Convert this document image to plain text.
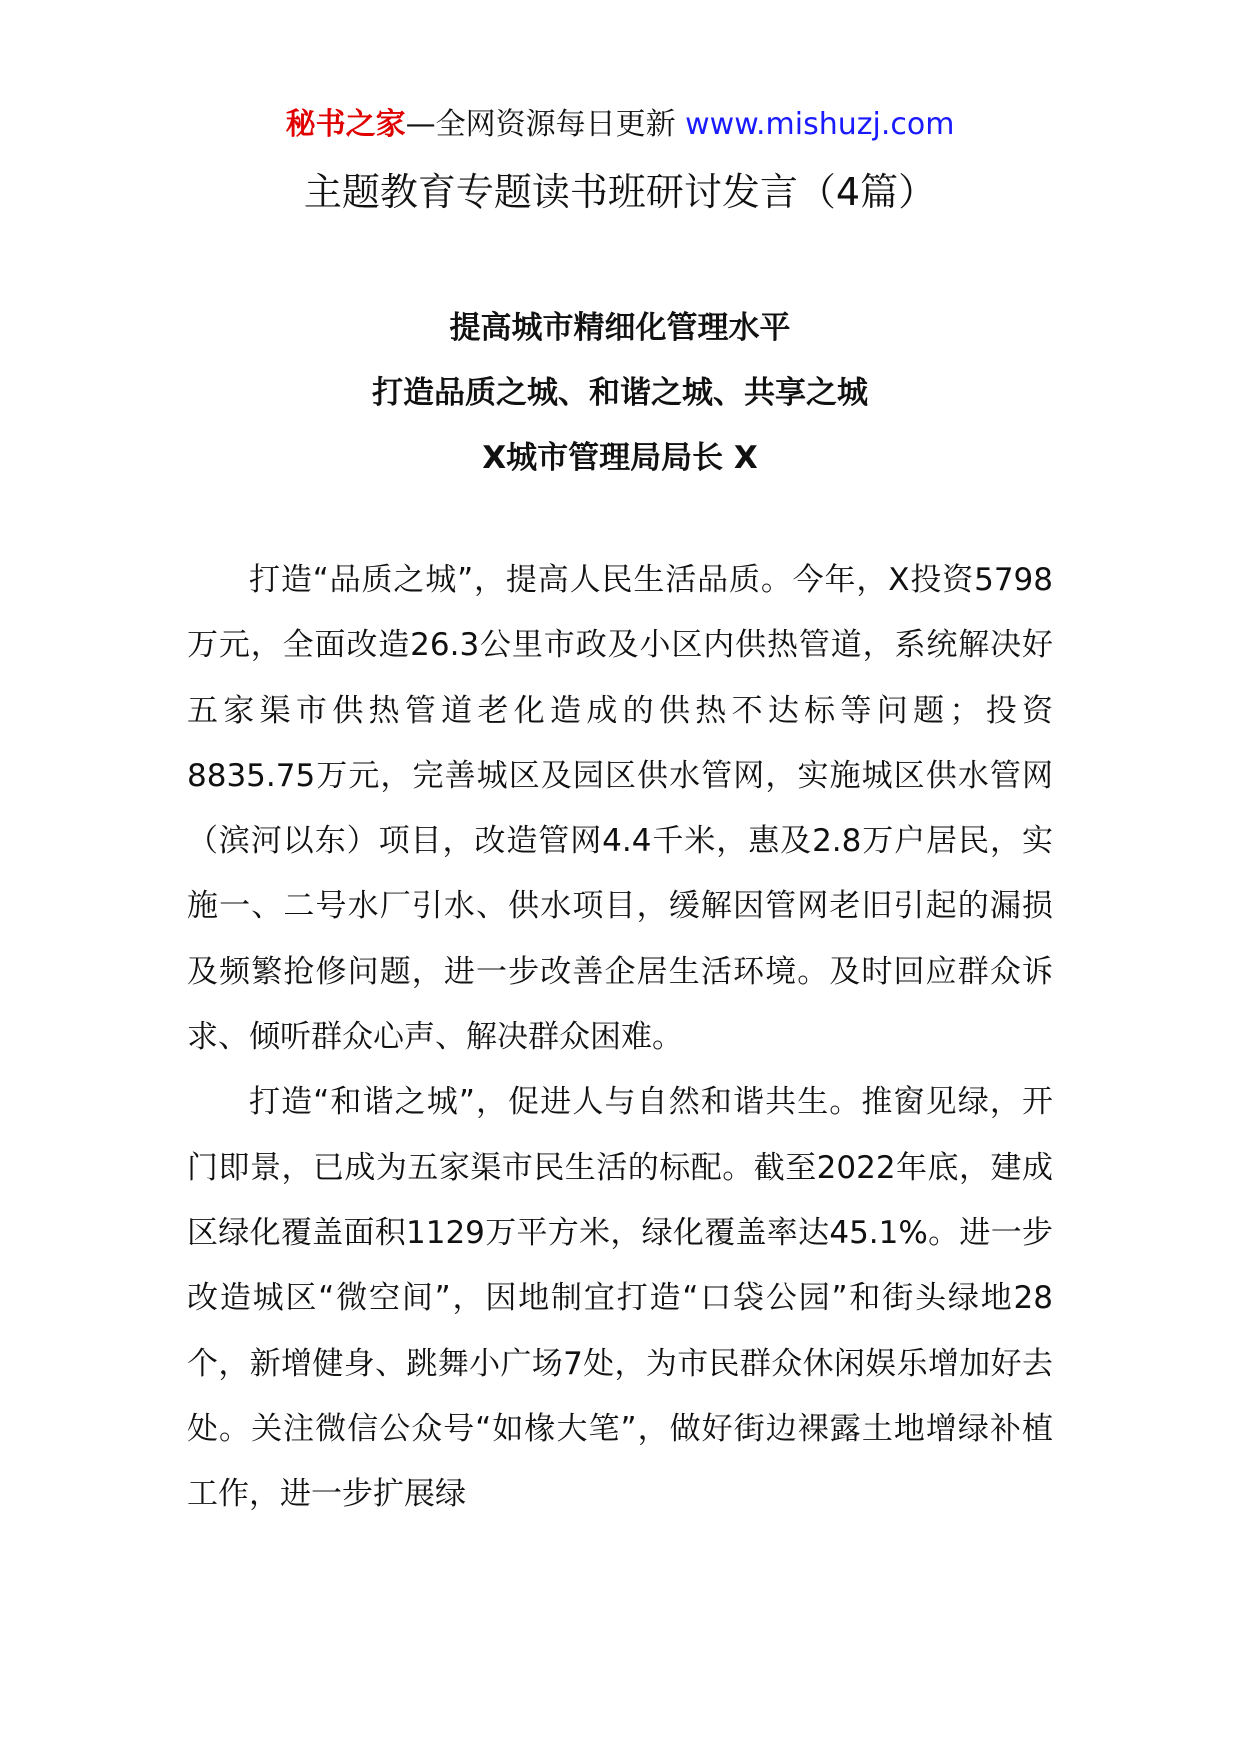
秘书之家—全网资源每日更新 www.mishuzj.com
主题教育专题读书班研讨发言（4篇）
提高城市精细化管理水平
打造品质之城、和谐之城、共享之城
X城市管理局局长 X

打造“品质之城”，提高人民生活品质。今年，X投资5798万元，全面改造26.3公里市政及小区内供热管道，系统解决好五家渠市供热管道老化造成的供热不达标等问题；投资8835.75万元，完善城区及园区供水管网，实施城区供水管网（滨河以东）项目，改造管网4.4千米，惠及2.8万户居民，实施一、二号水厂引水、供水项目，缓解因管网老旧引起的漏损及频繁抢修问题，进一步改善企居生活环境。及时回应群众诉求、倾听群众心声、解决群众困难。

打造“和谐之城”，促进人与自然和谐共生。推窗见绿，开门即景，已成为五家渠市民生活的标配。截至2022年底，建成区绿化覆盖面积1129万平方米，绿化覆盖率达45.1%。进一步改造城区“微空间”，因地制宜打造“口袋公园”和街头绿地28个，新增健身、跳舞小广场7处，为市民群众休闲娱乐增加好去处。关注微信公众号“如椽大笔”，做好街边裸露土地增绿补植工作，进一步扩展绿
